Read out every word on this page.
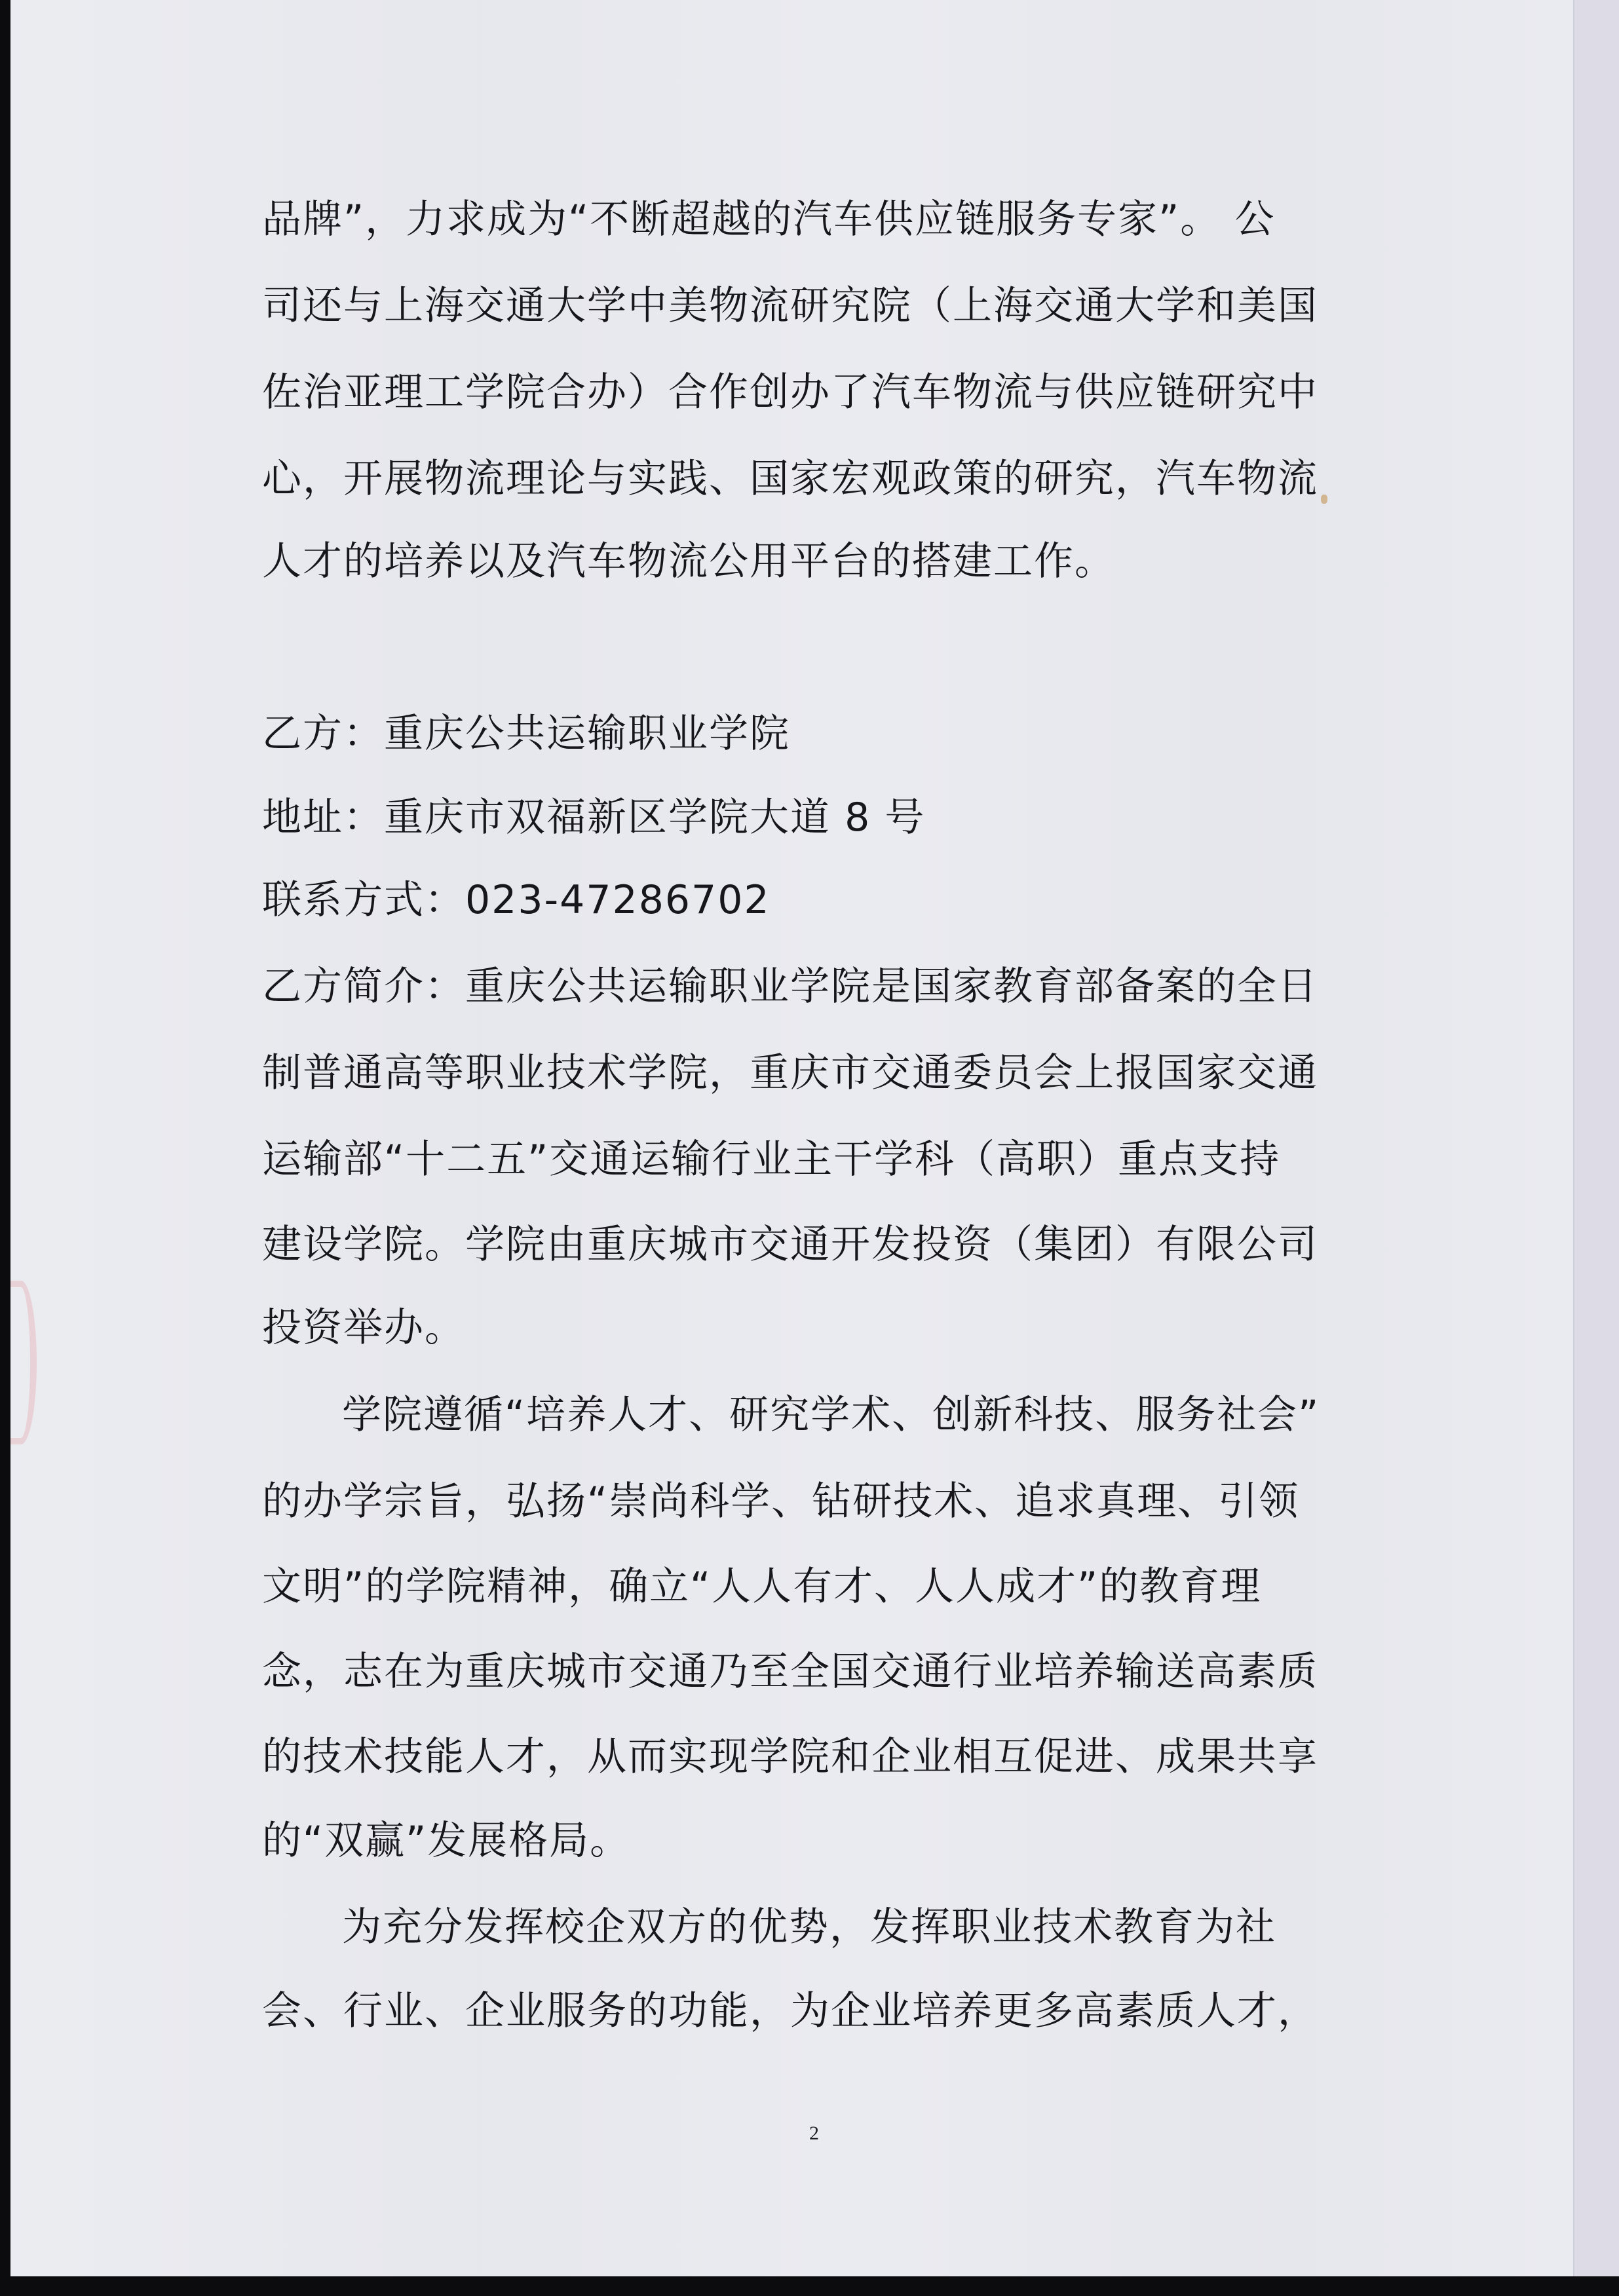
品牌”，力求成为“不断超越的汽车供应链服务专家”。 公
司还与上海交通大学中美物流研究院（上海交通大学和美国
佐治亚理工学院合办）合作创办了汽车物流与供应链研究中
心，开展物流理论与实践、国家宏观政策的研究，汽车物流
人才的培养以及汽车物流公用平台的搭建工作。
乙方：重庆公共运输职业学院
地址：重庆市双福新区学院大道 8 号
联系方式：023-47286702
乙方简介：重庆公共运输职业学院是国家教育部备案的全日
制普通高等职业技术学院，重庆市交通委员会上报国家交通
运输部“十二五”交通运输行业主干学科（高职）重点支持
建设学院。学院由重庆城市交通开发投资（集团）有限公司
投资举办。
学院遵循“培养人才、研究学术、创新科技、服务社会”
的办学宗旨，弘扬“崇尚科学、钻研技术、追求真理、引领
文明”的学院精神，确立“人人有才、人人成才”的教育理
念，志在为重庆城市交通乃至全国交通行业培养输送高素质
的技术技能人才，从而实现学院和企业相互促进、成果共享
的“双赢”发展格局。
为充分发挥校企双方的优势，发挥职业技术教育为社
会、行业、企业服务的功能，为企业培养更多高素质人才，
2
